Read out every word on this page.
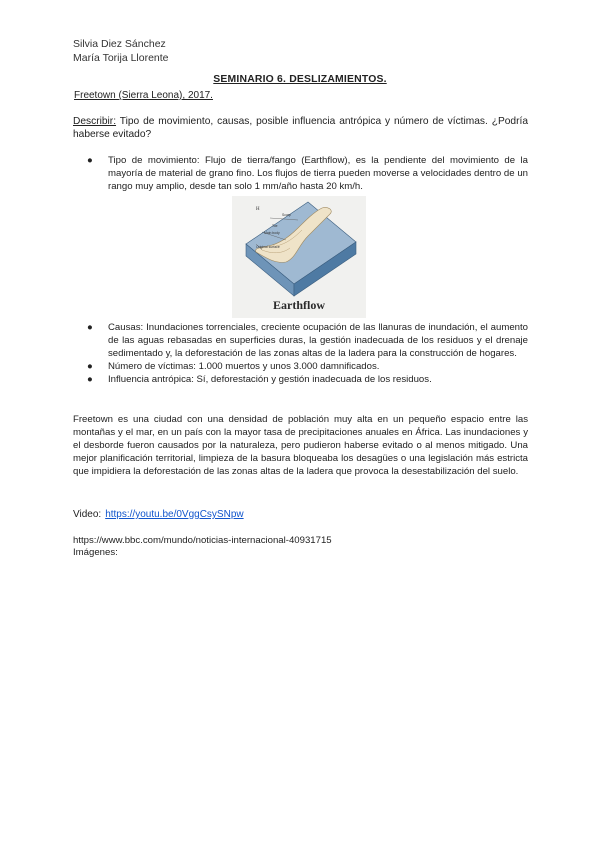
Silvia Diez Sánchez
María Torija Llorente
SEMINARIO 6. DESLIZAMIENTOS.
Freetown (Sierra Leona), 2017.
Describir: Tipo de movimiento, causas, posible influencia antrópica y número de víctimas. ¿Podría haberse evitado?
● Tipo de movimiento: Flujo de tierra/fango (Earthflow), es la pendiente del movimiento de la mayoría de material de grano fino. Los flujos de tierra pueden moverse a velocidades dentro de un rango muy amplio, desde tan solo 1 mm/año hasta 20 km/h.
H
Scarp
Main body
Toe
Original surface
Earthflow
● Causas: Inundaciones torrenciales, creciente ocupación de las llanuras de inundación, el aumento de las aguas rebasadas en superficies duras, la gestión inadecuada de los residuos y el drenaje sedimentado y, la deforestación de las zonas altas de la ladera para la construcción de hogares.
● Número de víctimas: 1.000 muertos y unos 3.000 damnificados.
● Influencia antrópica: Sí, deforestación y gestión inadecuada de los residuos.
Freetown es una ciudad con una densidad de población muy alta en un pequeño espacio entre las montañas y el mar, en un país con la mayor tasa de precipitaciones anuales en África. Las inundaciones y el desborde fueron causados por la naturaleza, pero pudieron haberse evitado o al menos mitigado. Una mejor planificación territorial, limpieza de la basura bloqueaba los desagües o una legislación más estricta que impidiera la deforestación de las zonas altas de la ladera que provoca la desestabilización del suelo.
Video: https://youtu.be/0VggCsySNpw
https://www.bbc.com/mundo/noticias-internacional-40931715
Imágenes:
